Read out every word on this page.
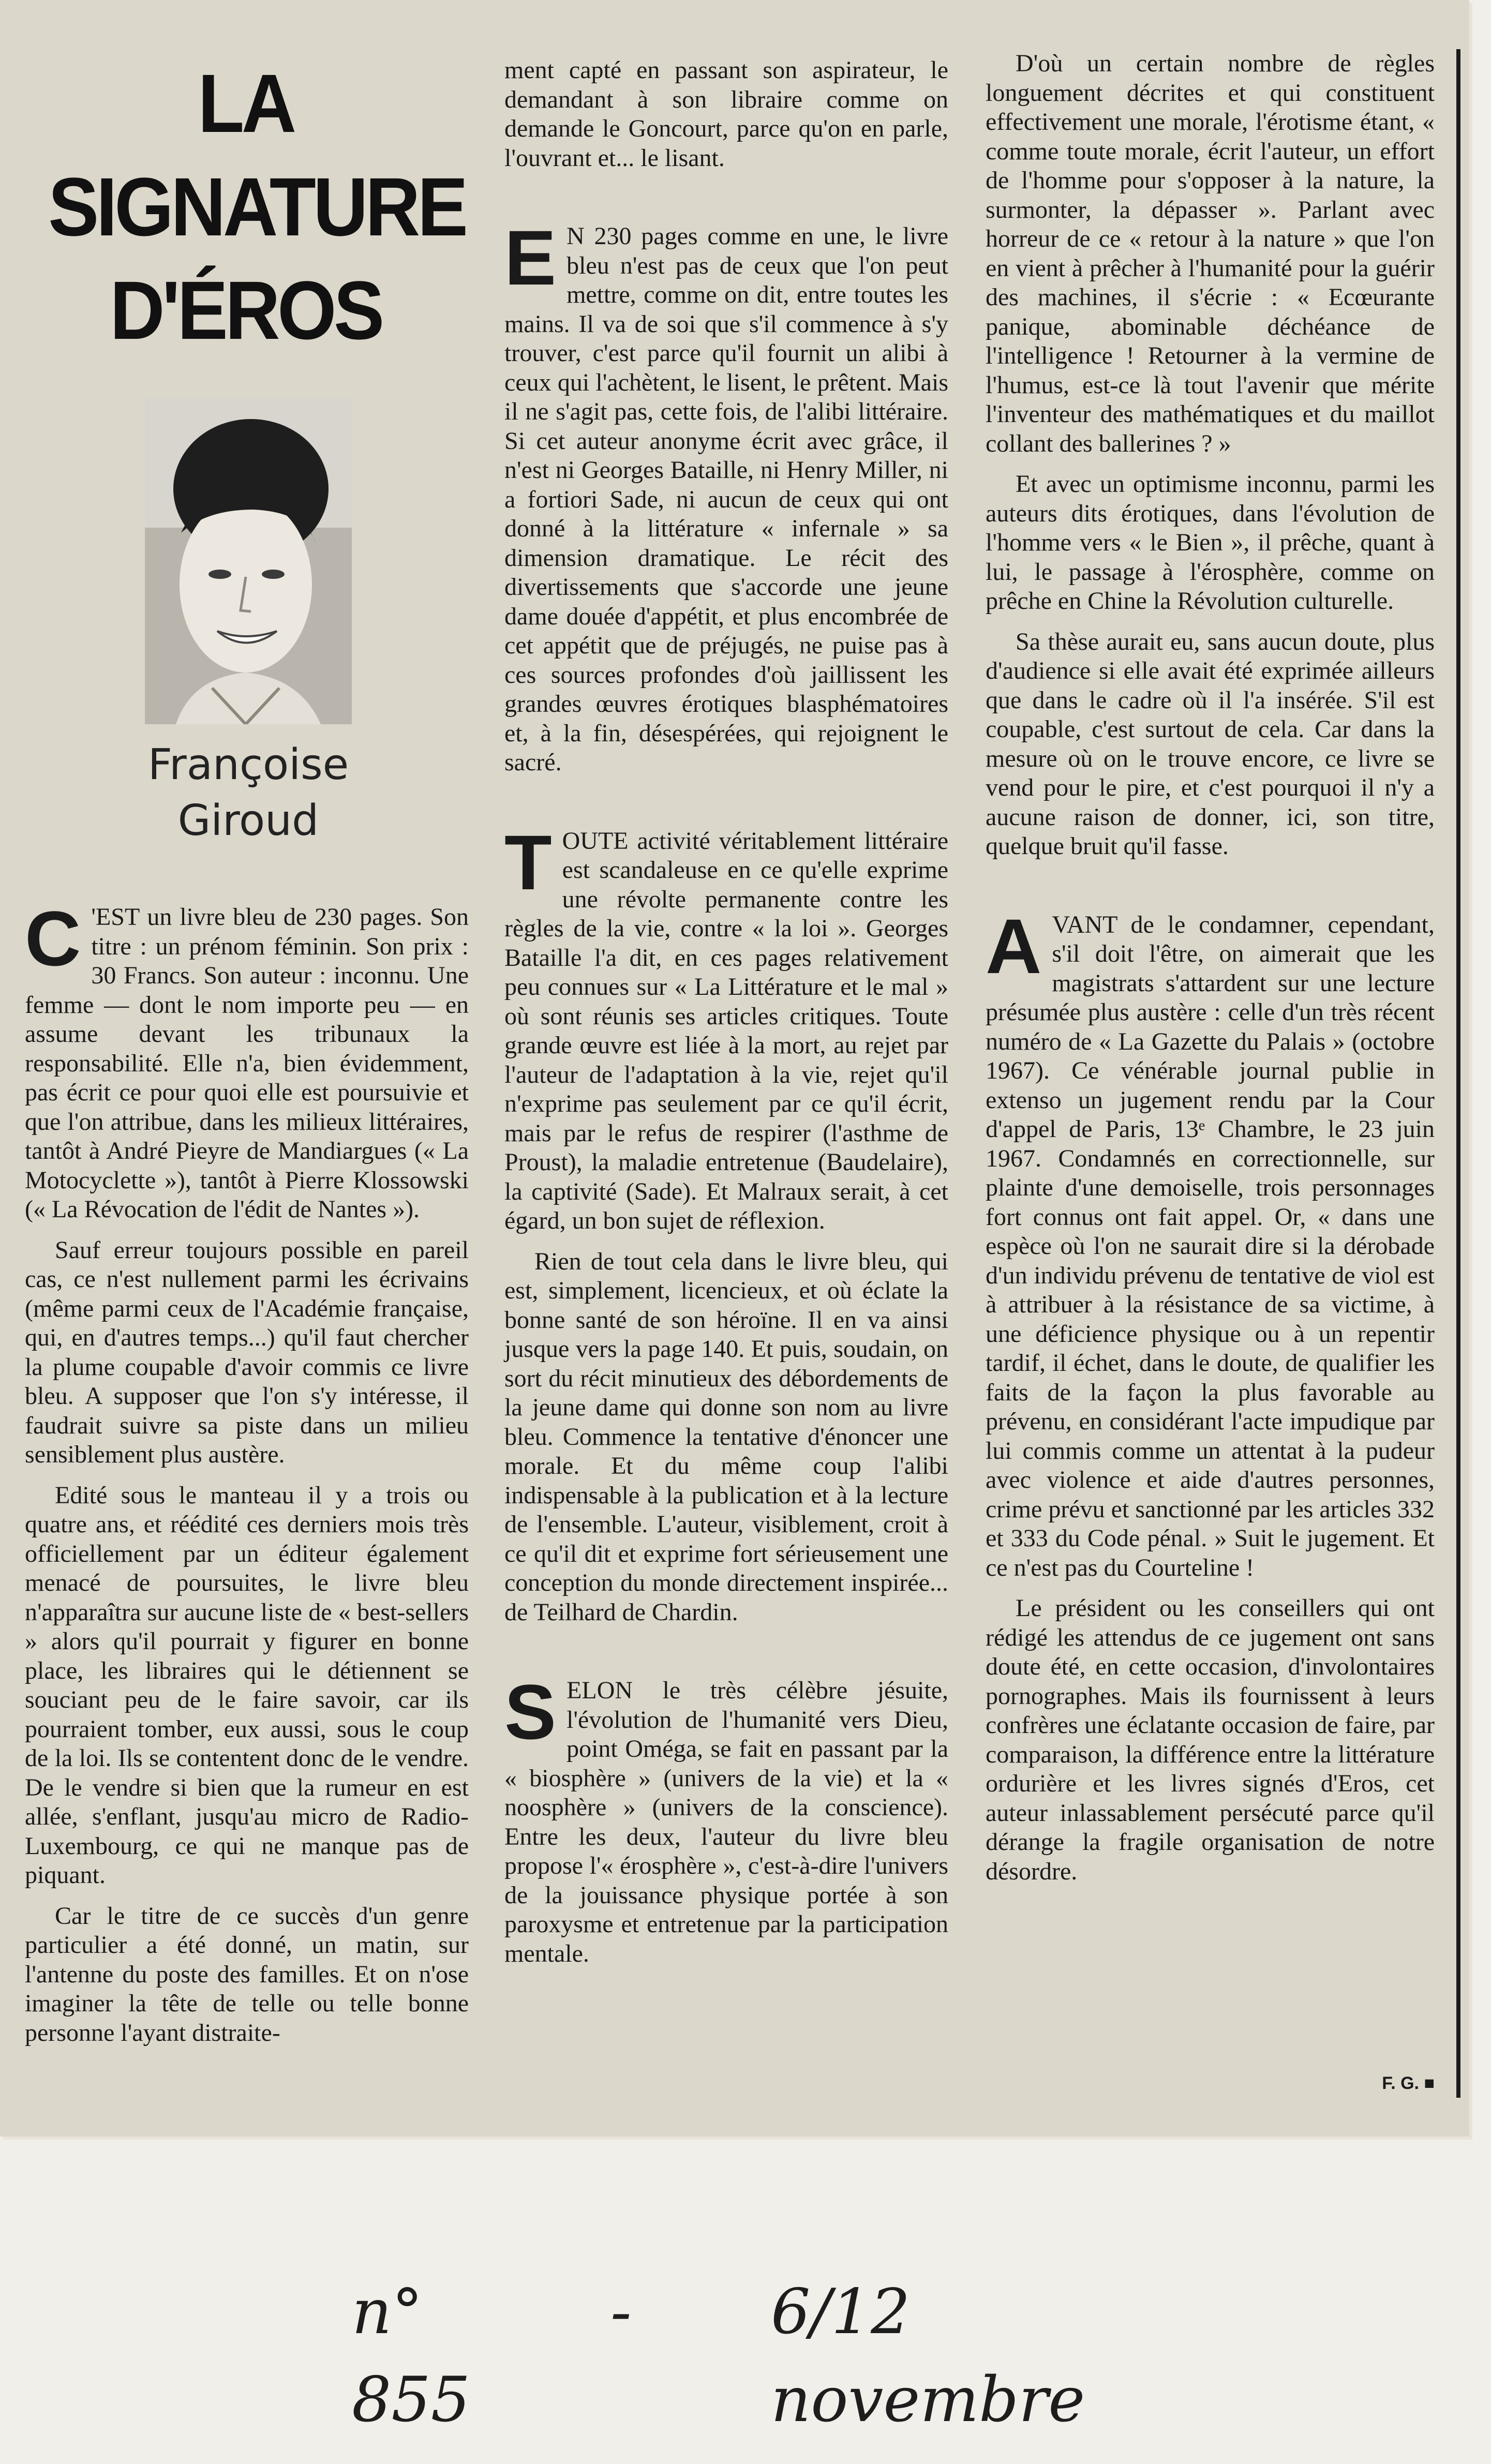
LA
SIGNATURE
D'ÉROS
Françoise
Giroud

C 'EST un livre bleu de 230 pages. Son titre : un prénom féminin. Son prix : 30 Francs. Son auteur : inconnu. Une femme — dont le nom importe peu — en assume devant les tribunaux la responsabilité. Elle n'a, bien évidemment, pas écrit ce pour quoi elle est poursuivie et que l'on attribue, dans les milieux littéraires, tantôt à André Pieyre de Mandiargues (« La Motocyclette »), tantôt à Pierre Klossowski (« La Révocation de l'édit de Nantes »).

Sauf erreur toujours possible en pareil cas, ce n'est nullement parmi les écrivains (même parmi ceux de l'Académie française, qui, en d'autres temps...) qu'il faut chercher la plume coupable d'avoir commis ce livre bleu. A supposer que l'on s'y intéresse, il faudrait suivre sa piste dans un milieu sensiblement plus austère.

Edité sous le manteau il y a trois ou quatre ans, et réédité ces derniers mois très officiellement par un éditeur également menacé de poursuites, le livre bleu n'apparaîtra sur aucune liste de « best-sellers » alors qu'il pourrait y figurer en bonne place, les libraires qui le détiennent se souciant peu de le faire savoir, car ils pourraient tomber, eux aussi, sous le coup de la loi. Ils se contentent donc de le vendre. De le vendre si bien que la rumeur en est allée, s'enflant, jusqu'au micro de Radio-Luxembourg, ce qui ne manque pas de piquant.

Car le titre de ce succès d'un genre particulier a été donné, un matin, sur l'antenne du poste des familles. Et on n'ose imaginer la tête de telle ou telle bonne personne l'ayant distraite-

ment capté en passant son aspirateur, le demandant à son libraire comme on demande le Goncourt, parce qu'on en parle, l'ouvrant et... le lisant.

E N 230 pages comme en une, le livre bleu n'est pas de ceux que l'on peut mettre, comme on dit, entre toutes les mains. Il va de soi que s'il commence à s'y trouver, c'est parce qu'il fournit un alibi à ceux qui l'achètent, le lisent, le prêtent. Mais il ne s'agit pas, cette fois, de l'alibi littéraire. Si cet auteur anonyme écrit avec grâce, il n'est ni Georges Bataille, ni Henry Miller, ni a fortiori Sade, ni aucun de ceux qui ont donné à la littérature « infernale » sa dimension dramatique. Le récit des divertissements que s'accorde une jeune dame douée d'appétit, et plus encombrée de cet appétit que de préjugés, ne puise pas à ces sources profondes d'où jaillissent les grandes œuvres érotiques blasphématoires et, à la fin, désespérées, qui rejoignent le sacré.

TOUTE activité véritablement littéraire est scandaleuse en ce qu'elle exprime une révolte permanente contre les règles de la vie, contre « la loi ». Georges Bataille l'a dit, en ces pages relativement peu connues sur « La Littérature et le mal » où sont réunis ses articles critiques. Toute grande œuvre est liée à la mort, au rejet par l'auteur de l'adaptation à la vie, rejet qu'il n'exprime pas seulement par ce qu'il écrit, mais par le refus de respirer (l'asthme de Proust), la maladie entretenue (Baudelaire), la captivité (Sade). Et Malraux serait, à cet égard, un bon sujet de réflexion.

Rien de tout cela dans le livre bleu, qui est, simplement, licencieux, et où éclate la bonne santé de son héroïne. Il en va ainsi jusque vers la page 140. Et puis, soudain, on sort du récit minutieux des débordements de la jeune dame qui donne son nom au livre bleu. Commence la tentative d'énoncer une morale. Et du même coup l'alibi indispensable à la publication et à la lecture de l'ensemble. L'auteur, visiblement, croit à ce qu'il dit et exprime fort sérieusement une conception du monde directement inspirée... de Teilhard de Chardin.

SELON le très célèbre jésuite, l'évolution de l'humanité vers Dieu, point Oméga, se fait en passant par la « biosphère » (univers de la vie) et la « noosphère » (univers de la conscience). Entre les deux, l'auteur du livre bleu propose l'« érosphère », c'est-à-dire l'univers de la jouissance physique portée à son paroxysme et entretenue par la participation mentale.

D'où un certain nombre de règles longuement décrites et qui constituent effectivement une morale, l'érotisme étant, « comme toute morale, écrit l'auteur, un effort de l'homme pour s'opposer à la nature, la surmonter, la dépasser ». Parlant avec horreur de ce « retour à la nature » que l'on en vient à prêcher à l'humanité pour la guérir des machines, il s'écrie : « Ecœurante panique, abominable déchéance de l'intelligence ! Retourner à la vermine de l'humus, est-ce là tout l'avenir que mérite l'inventeur des mathématiques et du maillot collant des ballerines ? »

Et avec un optimisme inconnu, parmi les auteurs dits érotiques, dans l'évolution de l'homme vers « le Bien », il prêche, quant à lui, le passage à l'érosphère, comme on prêche en Chine la Révolution culturelle.

Sa thèse aurait eu, sans aucun doute, plus d'audience si elle avait été exprimée ailleurs que dans le cadre où il l'a insérée. S'il est coupable, c'est surtout de cela. Car dans la mesure où on le trouve encore, ce livre se vend pour le pire, et c'est pourquoi il n'y a aucune raison de donner, ici, son titre, quelque bruit qu'il fasse.

AVANT de le condamner, cependant, s'il doit l'être, on aimerait que les magistrats s'attardent sur une lecture présumée plus austère : celle d'un très récent numéro de « La Gazette du Palais » (octobre 1967). Ce vénérable journal publie in extenso un jugement rendu par la Cour d'appel de Paris, 13ᵉ Chambre, le 23 juin 1967. Condamnés en correctionnelle, sur plainte d'une demoiselle, trois personnages fort connus ont fait appel. Or, « dans une espèce où l'on ne saurait dire si la dérobade d'un individu prévenu de tentative de viol est à attribuer à la résistance de sa victime, à une déficience physique ou à un repentir tardif, il échet, dans le doute, de qualifier les faits de la façon la plus favorable au prévenu, en considérant l'acte impudique par lui commis comme un attentat à la pudeur avec violence et aide d'autres personnes, crime prévu et sanctionné par les articles 332 et 333 du Code pénal. » Suit le jugement. Et ce n'est pas du Courteline !

Le président ou les conseillers qui ont rédigé les attendus de ce jugement ont sans doute été, en cette occasion, d'involontaires pornographes. Mais ils fournissent à leurs confrères une éclatante occasion de faire, par comparaison, la différence entre la littérature ordurière et les livres signés d'Eros, cet auteur inlassablement persécuté parce qu'il dérange la fragile organisation de notre désordre.

F. G. ■
n° 855
-	6/12 novembre
